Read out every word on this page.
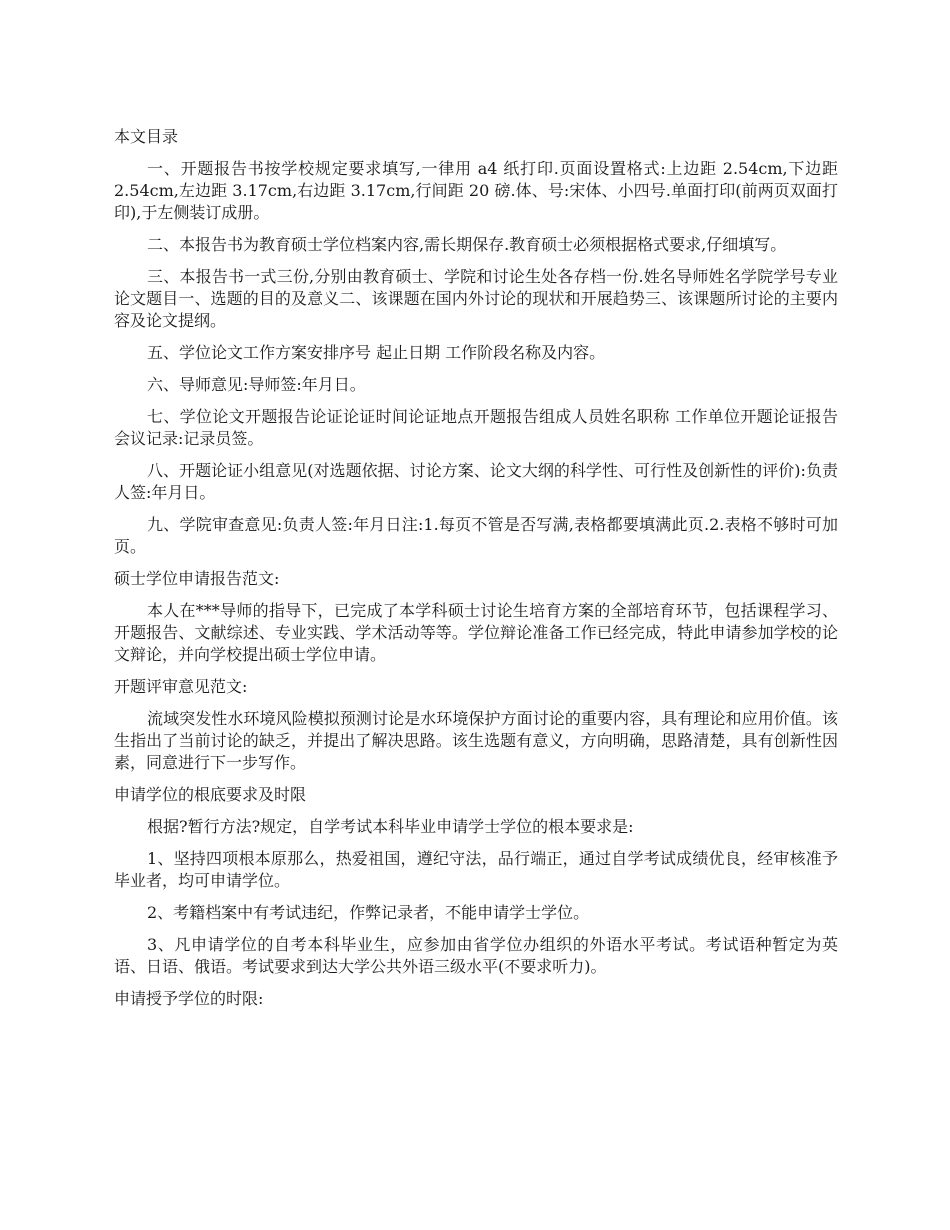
本文目录

一、开题报告书按学校规定要求填写,一律用 a4 纸打印.页面设置格式:上边距 2.54cm,下边距 2.54cm,左边距 3.17cm,右边距 3.17cm,行间距 20 磅.体、号:宋体、小四号.单面打印(前两页双面打印),于左侧装订成册。

二、本报告书为教育硕士学位档案内容,需长期保存.教育硕士必须根据格式要求,仔细填写。

三、本报告书一式三份,分别由教育硕士、学院和讨论生处各存档一份.姓名导师姓名学院学号专业论文题目一、选题的目的及意义二、该课题在国内外讨论的现状和开展趋势三、该课题所讨论的主要内容及论文提纲。

五、学位论文工作方案安排序号 起止日期 工作阶段名称及内容。

六、导师意见:导师签:年月日。

七、学位论文开题报告论证论证时间论证地点开题报告组成人员姓名职称 工作单位开题论证报告会议记录:记录员签。

八、开题论证小组意见(对选题依据、讨论方案、论文大纲的科学性、可行性及创新性的评价):负责人签:年月日。

九、学院审查意见:负责人签:年月日注:1.每页不管是否写满,表格都要填满此页.2.表格不够时可加页。

硕士学位申请报告范文:

本人在***导师的指导下，已完成了本学科硕士讨论生培育方案的全部培育环节，包括课程学习、开题报告、文献综述、专业实践、学术活动等等。学位辩论准备工作已经完成，特此申请参加学校的论文辩论，并向学校提出硕士学位申请。

开题评审意见范文:

流域突发性水环境风险模拟预测讨论是水环境保护方面讨论的重要内容，具有理论和应用价值。该生指出了当前讨论的缺乏，并提出了解决思路。该生选题有意义，方向明确，思路清楚，具有创新性因素，同意进行下一步写作。

申请学位的根底要求及时限

根据?暂行方法?规定，自学考试本科毕业申请学士学位的根本要求是:

1、坚持四项根本原那么，热爱祖国，遵纪守法，品行端正，通过自学考试成绩优良，经审核准予毕业者，均可申请学位。

2、考籍档案中有考试违纪，作弊记录者，不能申请学士学位。

3、凡申请学位的自考本科毕业生，应参加由省学位办组织的外语水平考试。考试语种暂定为英语、日语、俄语。考试要求到达大学公共外语三级水平(不要求听力)。

申请授予学位的时限:
